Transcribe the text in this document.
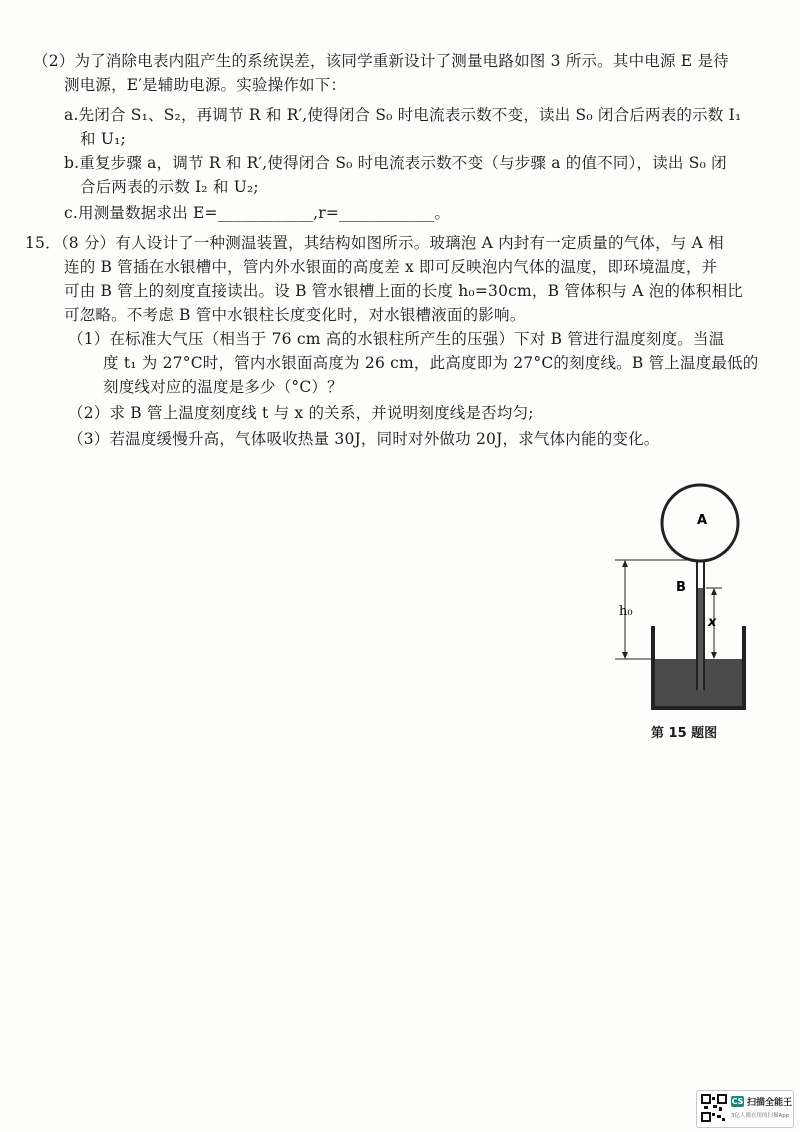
（2）为了消除电表内阻产生的系统误差，该同学重新设计了测量电路如图 3 所示。其中电源 E 是待
测电源，E′是辅助电源。实验操作如下：
a.先闭合 S₁、S₂，再调节 R 和 R′,使得闭合 S₀ 时电流表示数不变，读出 S₀ 闭合后两表的示数 I₁
和 U₁;
b.重复步骤 a，调节 R 和 R′,使得闭合 S₀ 时电流表示数不变（与步骤 a 的值不同），读出 S₀ 闭
合后两表的示数 I₂ 和 U₂;
c.用测量数据求出 E=____________,r=____________。
15．（8 分）有人设计了一种测温装置，其结构如图所示。玻璃泡 A 内封有一定质量的气体，与 A 相
连的 B 管插在水银槽中，管内外水银面的高度差 x 即可反映泡内气体的温度，即环境温度，并
可由 B 管上的刻度直接读出。设 B 管水银槽上面的长度 h₀=30cm，B 管体积与 A 泡的体积相比
可忽略。不考虑 B 管中水银柱长度变化时，对水银槽液面的影响。
（1）在标准大气压（相当于 76 cm 高的水银柱所产生的压强）下对 B 管进行温度刻度。当温
度 t₁ 为 27°C时，管内水银面高度为 26 cm，此高度即为 27°C的刻度线。B 管上温度最低的
刻度线对应的温度是多少（°C）？
（2）求 B 管上温度刻度线 t 与 x 的关系，并说明刻度线是否均匀;
（3）若温度缓慢升高，气体吸收热量 30J，同时对外做功 20J，求气体内能的变化。
A
B
h₀
x
第 15 题图
CS 扫描全能王
3亿人都在用的扫描App
